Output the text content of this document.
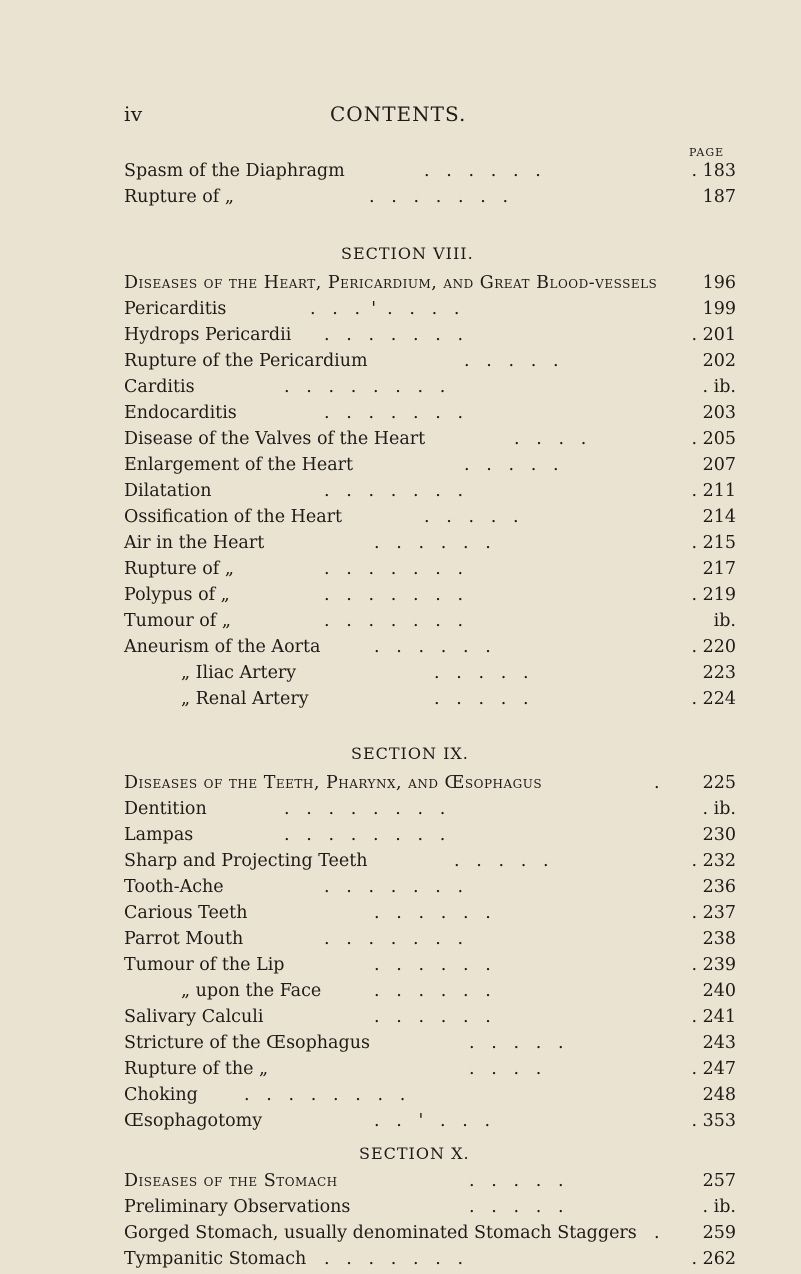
iv	CONTENTS.
PAGE
Spasm of the Diaphragm	.   .   .   .   .   .	. 183
Rupture of „	.   .   .   .   .   .   .	187
SECTION VIII.
Diseases of the Heart, Pericardium, and Great Blood-vessels	196
Pericarditis	.   .   .  '  .   .   .   .	199
Hydrops Pericardii .   .   .   .   .   .   .	. 201
Rupture of the Pericardium	.   .   .   .   .	202
Carditis	.   .   .   .   .   .   .   .	. ib.
Endocarditis	.   .   .   .   .   .   .	203
Disease of the Valves of the Heart	.   .   .   .	. 205
Enlargement of the Heart	.   .   .   .   .	207
Dilatation	.   .   .   .   .   .   .	. 211
Ossification of the Heart	.   .   .   .   .	214
Air in the Heart	.   .   .   .   .   .	. 215
Rupture of „	.   .   .   .   .   .   .	217
Polypus of „	.   .   .   .   .   .   .	. 219
Tumour of „	.   .   .   .   .   .   .	ib.
Aneurism of the Aorta	.   .   .   .   .   .	. 220
„ Iliac Artery	.   .   .   .   .	223
„ Renal Artery	.   .   .   .   .	. 224
SECTION IX.
Diseases of the Teeth, Pharynx, and Œsophagus	. 225
Dentition	.   .   .   .   .   .   .   .	. ib.
Lampas	.   .   .   .   .   .   .   .	230
Sharp and Projecting Teeth	.   .   .   .   .	. 232
Tooth-Ache	.   .   .   .   .   .   .	236
Carious Teeth	.   .   .   .   .   .	. 237
Parrot Mouth	.   .   .   .   .   .   .	238
Tumour of the Lip	.   .   .   .   .   .	. 239
„ upon the Face	.   .   .   .   .   .	240
Salivary Calculi	.   .   .   .   .   .	. 241
Stricture of the Œsophagus	.   .   .   .   .	243
Rupture of the „	.   .   .   .	. 247
Choking	.   .   .   .   .   .   .   .	248
Œsophagotomy	.   .   '   .   .   .	. 353
SECTION X.
Diseases of the Stomach	.   .   .   .   .	257
Preliminary Observations	.   .   .   .   .	. ib.
Gorged Stomach, usually denominated Stomach Staggers . 259
Tympanitic Stomach .   .   .   .   .   .   .	. 262
